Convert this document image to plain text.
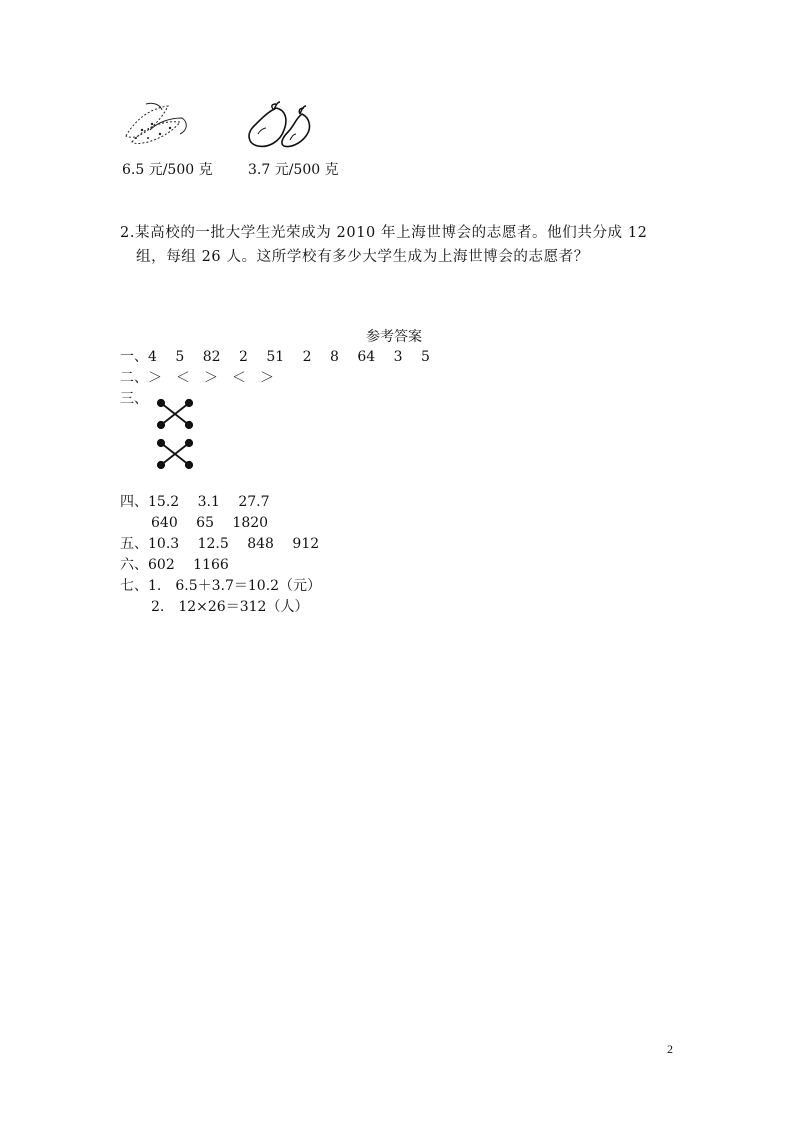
6.5 元/500 克	3.7 元/500 克
2.某高校的一批大学生光荣成为 2010 年上海世博会的志愿者。他们共分成 12
组，每组 26 人。这所学校有多少大学生成为上海世博会的志愿者？
参考答案
一、4　 5　 82　 2　 51　 2　 8　 64　 3　 5
二、＞　＜　＞　＜　＞
三、
四、15.2　 3.1　 27.7
640　 65　 1820
五、10.3　 12.5　 848　 912
六、602　 1166
七、1.　6.5＋3.7＝10.2（元）
2.　12×26＝312（人）
2
